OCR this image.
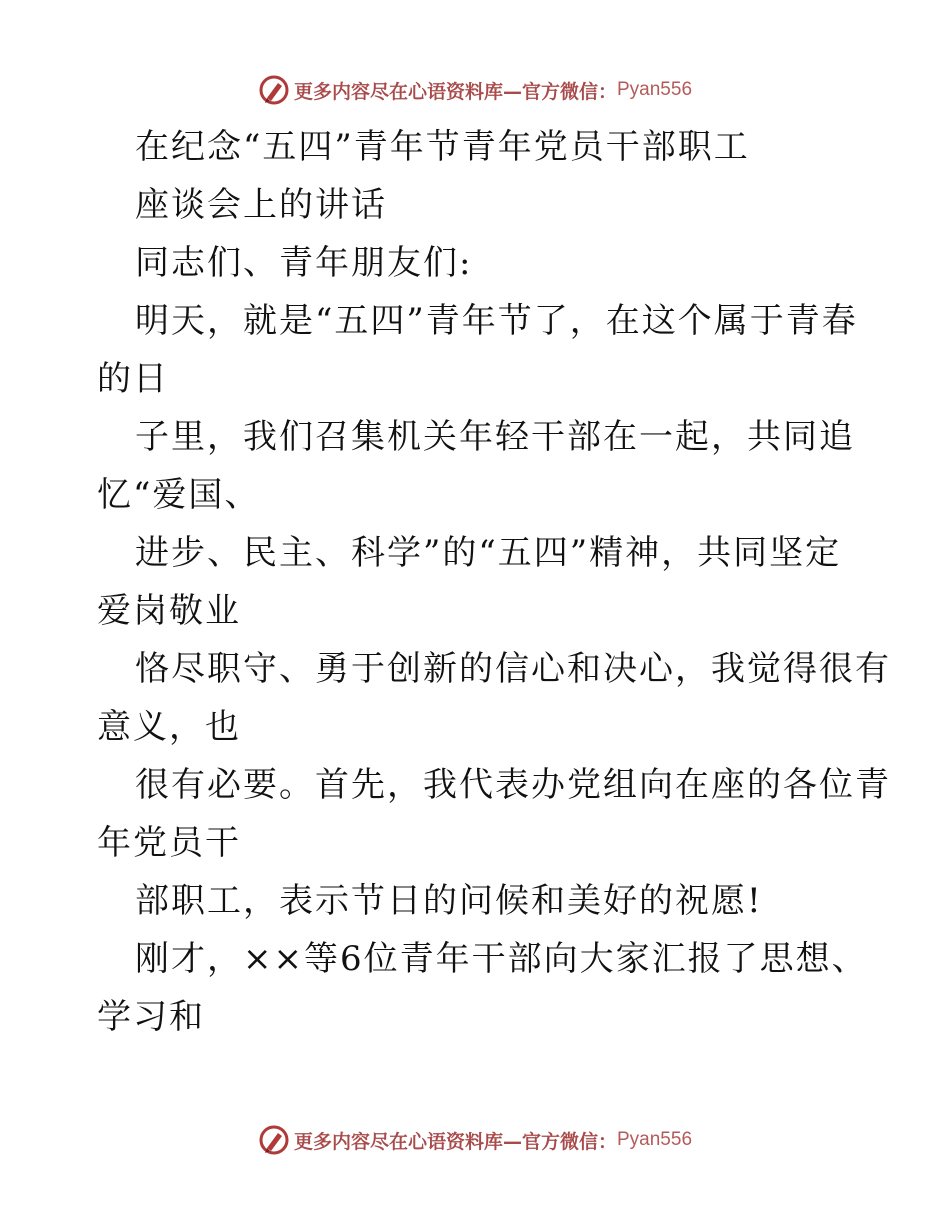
更多内容尽在心语资料库—官方微信： Pyan556
在纪念“五四”青年节青年党员干部职工
座谈会上的讲话
同志们、青年朋友们:
明天，就是“五四”青年节了，在这个属于青春
的日
子里，我们召集机关年轻干部在一起，共同追
忆“爱国、
进步、民主、科学”的“五四”精神，共同坚定
爱岗敬业
恪尽职守、勇于创新的信心和决心，我觉得很有
意义，也
很有必要。首先，我代表办党组向在座的各位青
年党员干
部职工，表示节日的问候和美好的祝愿!
刚才，××等6位青年干部向大家汇报了思想、
学习和
更多内容尽在心语资料库—官方微信： Pyan556
